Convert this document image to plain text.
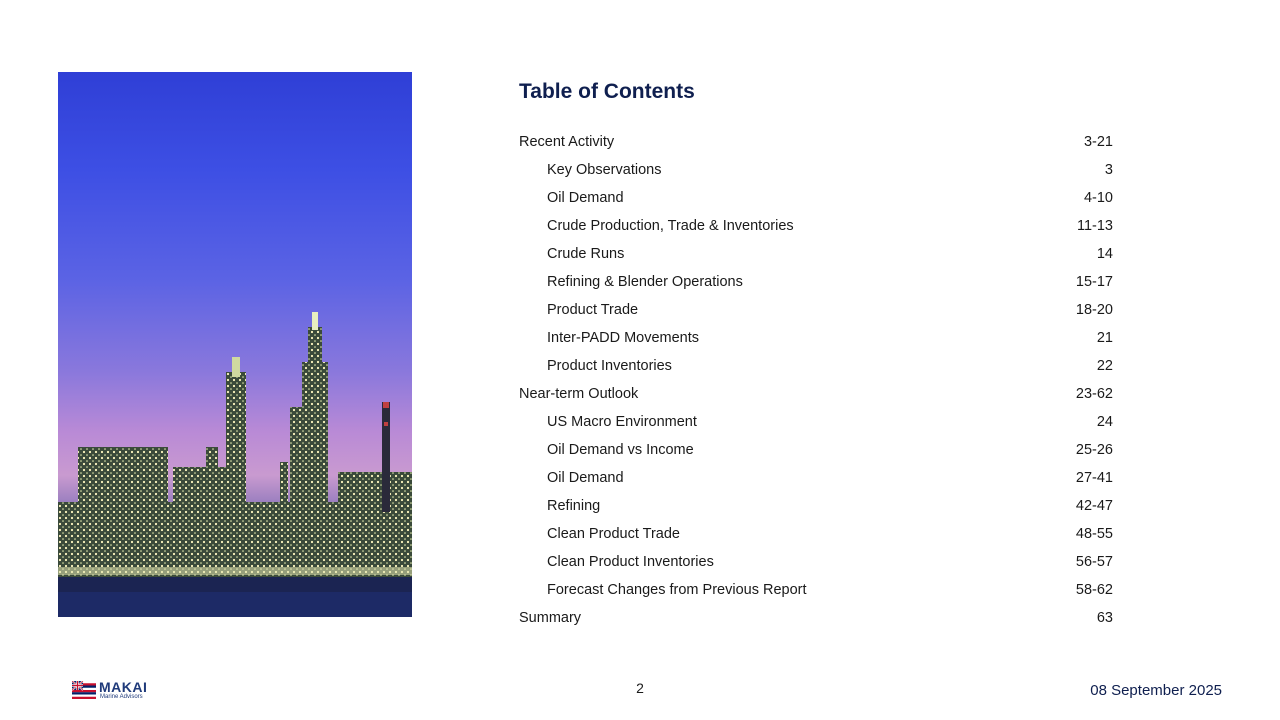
Table of Contents
Recent Activity	3-21
Key Observations	3
Oil Demand	4-10
Crude Production, Trade & Inventories	11-13
Crude Runs	14
Refining & Blender Operations	15-17
Product Trade	18-20
Inter-PADD Movements	21
Product Inventories	22
Near-term Outlook	23-62
US Macro Environment	24
Oil Demand vs Income	25-26
Oil Demand	27-41
Refining	42-47
Clean Product Trade	48-55
Clean Product Inventories	56-57
Forecast Changes from Previous Report	58-62
Summary	63
MAKAI
Marine Advisors
2	08 September 2025
